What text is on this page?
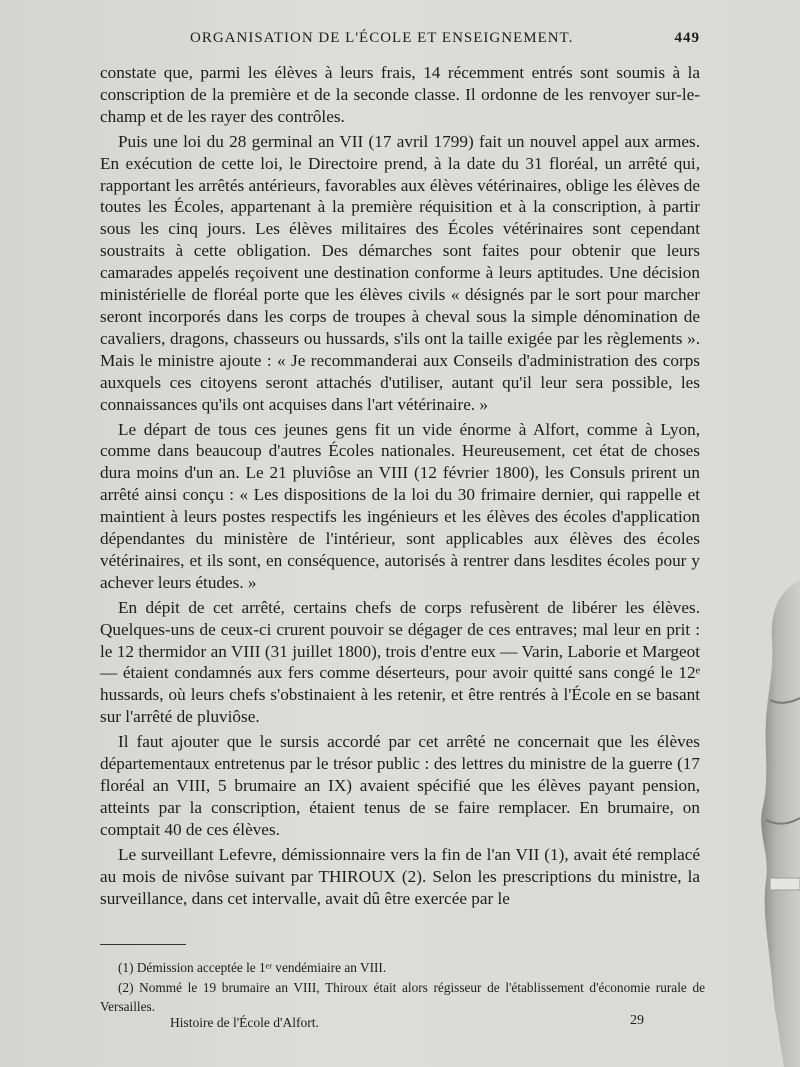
ORGANISATION DE L'ÉCOLE ET ENSEIGNEMENT.	449

constate que, parmi les élèves à leurs frais, 14 récemment entrés sont soumis à la conscription de la première et de la seconde classe. Il ordonne de les renvoyer sur-le-champ et de les rayer des contrôles.

Puis une loi du 28 germinal an VII (17 avril 1799) fait un nouvel appel aux armes. En exécution de cette loi, le Directoire prend, à la date du 31 floréal, un arrêté qui, rapportant les arrêtés antérieurs, favorables aux élèves vétérinaires, oblige les élèves de toutes les Écoles, appartenant à la première réquisition et à la conscription, à partir sous les cinq jours. Les élèves militaires des Écoles vétérinaires sont cependant soustraits à cette obligation. Des démarches sont faites pour obtenir que leurs camarades appelés reçoivent une destination conforme à leurs aptitudes. Une décision ministérielle de floréal porte que les élèves civils « désignés par le sort pour marcher seront incorporés dans les corps de troupes à cheval sous la simple dénomination de cavaliers, dragons, chasseurs ou hussards, s'ils ont la taille exigée par les règlements ». Mais le ministre ajoute : « Je recommanderai aux Conseils d'administration des corps auxquels ces citoyens seront attachés d'utiliser, autant qu'il leur sera possible, les connaissances qu'ils ont acquises dans l'art vétérinaire. »

Le départ de tous ces jeunes gens fit un vide énorme à Alfort, comme à Lyon, comme dans beaucoup d'autres Écoles nationales. Heureusement, cet état de choses dura moins d'un an. Le 21 pluviôse an VIII (12 février 1800), les Consuls prirent un arrêté ainsi conçu : « Les dispositions de la loi du 30 frimaire dernier, qui rappelle et maintient à leurs postes respectifs les ingénieurs et les élèves des écoles d'application dépendantes du ministère de l'intérieur, sont applicables aux élèves des écoles vétérinaires, et ils sont, en conséquence, autorisés à rentrer dans lesdites écoles pour y achever leurs études. »

En dépit de cet arrêté, certains chefs de corps refusèrent de libérer les élèves. Quelques-uns de ceux-ci crurent pouvoir se dégager de ces entraves; mal leur en prit : le 12 thermidor an VIII (31 juillet 1800), trois d'entre eux — Varin, Laborie et Margeot — étaient condamnés aux fers comme déserteurs, pour avoir quitté sans congé le 12ᵉ hussards, où leurs chefs s'obstinaient à les retenir, et être rentrés à l'École en se basant sur l'arrêté de pluviôse.

Il faut ajouter que le sursis accordé par cet arrêté ne concernait que les élèves départementaux entretenus par le trésor public : des lettres du ministre de la guerre (17 floréal an VIII, 5 brumaire an IX) avaient spécifié que les élèves payant pension, atteints par la conscription, étaient tenus de se faire remplacer. En brumaire, on comptait 40 de ces élèves.

Le surveillant Lefevre, démissionnaire vers la fin de l'an VII (1), avait été remplacé au mois de nivôse suivant par THIROUX (2). Selon les prescriptions du ministre, la surveillance, dans cet intervalle, avait dû être exercée par le

(1) Démission acceptée le 1ᵉʳ vendémiaire an VIII.

(2) Nommé le 19 brumaire an VIII, Thiroux était alors régisseur de l'établissement d'économie rurale de Versailles.

Histoire de l'École d'Alfort.	29
